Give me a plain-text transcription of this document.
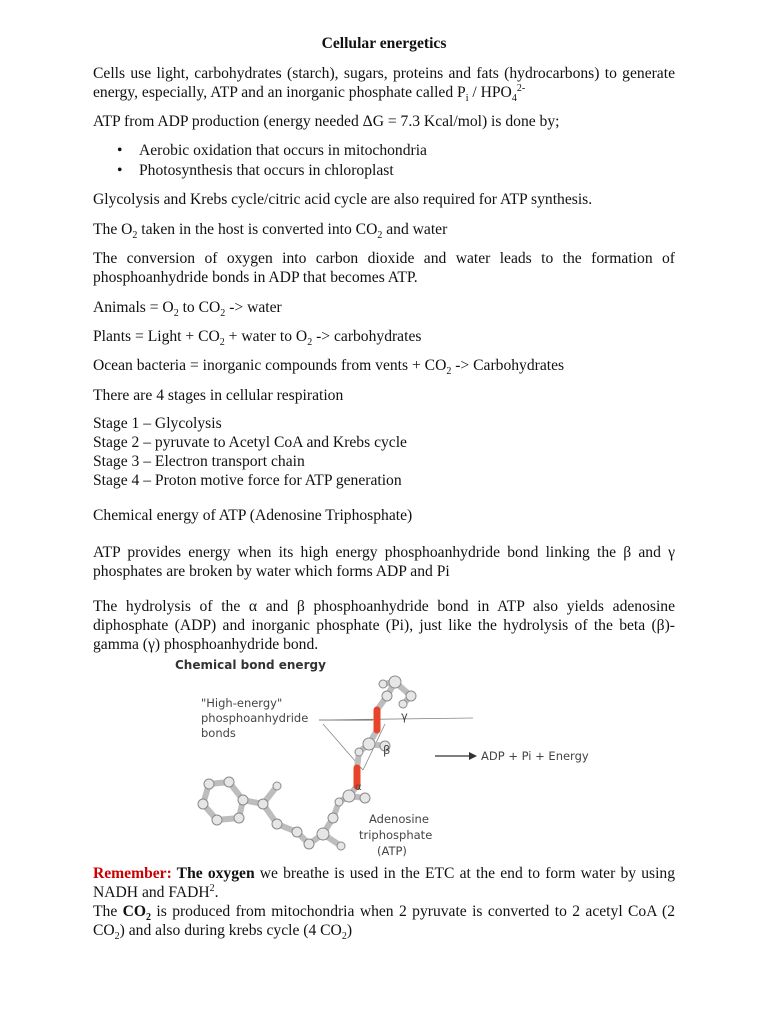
Cellular energetics

Cells use light, carbohydrates (starch), sugars, proteins and fats (hydrocarbons) to generate energy, especially, ATP and an inorganic phosphate called $P_i / HPO_4^{2-}$

ATP from ADP production (energy needed ΔG = 7.3 Kcal/mol) is done by;

• Aerobic oxidation that occurs in mitochondria
• Photosynthesis that occurs in chloroplast

Glycolysis and Krebs cycle/citric acid cycle are also required for ATP synthesis.

The $O_2$ taken in the host is converted into $CO_2$ and water

The conversion of oxygen into carbon dioxide and water leads to the formation of phosphoanhydride bonds in ADP that becomes ATP.

Animals = $O_2$ to $CO_2$ -> water

Plants = Light + $CO_2$ + water to $O_2$ -> carbohydrates

Ocean bacteria = inorganic compounds from vents + $CO_2$ -> Carbohydrates

There are 4 stages in cellular respiration

Stage 1 – Glycolysis
Stage 2 – pyruvate to Acetyl CoA and Krebs cycle
Stage 3 – Electron transport chain
Stage 4 – Proton motive force for ATP generation

Chemical energy of ATP (Adenosine Triphosphate)

ATP provides energy when its high energy phosphoanhydride bond linking the β and γ phosphates are broken by water which forms ADP and Pi

The hydrolysis of the α and β phosphoanhydride bond in ATP also yields adenosine diphosphate (ADP) and inorganic phosphate (Pi), just like the hydrolysis of the beta (β)-gamma (γ) phosphoanhydride bond.

Chemical bond energy
"High-energy"
phosphoanhydride
bonds
γ
β
α
ADP + Pi + Energy
Adenosine
triphosphate
(ATP)

Remember: The oxygen we breathe is used in the ETC at the end to form water by using NADH and FADH$^2$.

The $CO_2$ is produced from mitochondria when 2 pyruvate is converted to 2 acetyl CoA (2 $CO_2$) and also during krebs cycle (4 $CO_2$)
